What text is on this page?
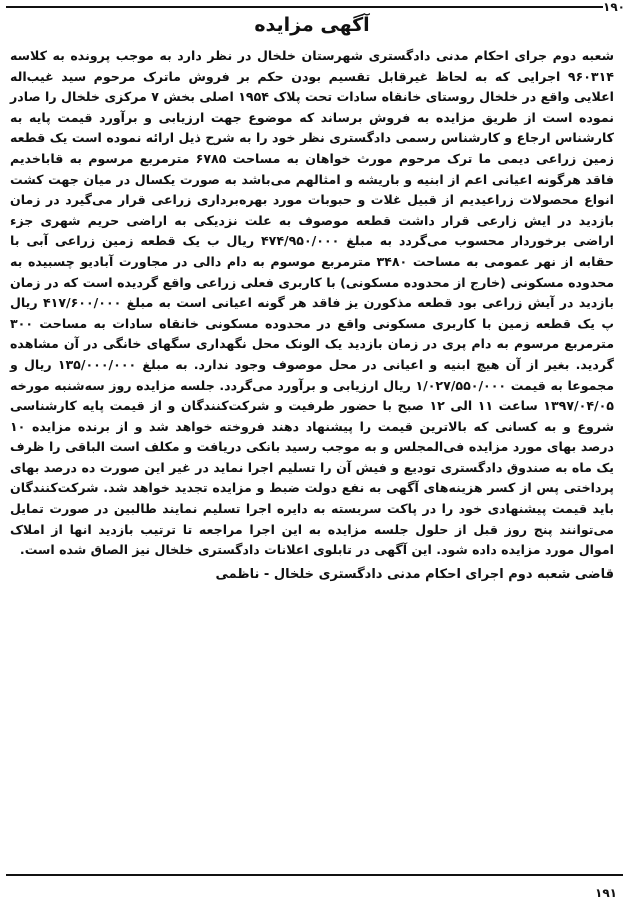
۱۹۰
آگهی مزایده

شعبه دوم جرای احکام مدنی دادگستری شهرستان خلخال در نظر دارد به موجب پرونده به کلاسه ۹۶۰۳۱۴ اجرایی که به لحاظ غیرقابل تقسیم بودن حکم بر فروش ماترک مرحوم سید غیب‌اله اعلایی واقع در خلخال روستای خانقاه سادات تحت پلاک ۱۹۵۴ اصلی بخش ۷ مرکزی خلخال را صادر نموده است از طریق مزایده به فروش برساند که موضوع جهت ارزیابی و برآورد قیمت پایه به کارشناس ارجاع و کارشناس رسمی دادگستری نظر خود را به شرح ذیل ارائه نموده است یک قطعه زمین زراعی دیمی ما ترک مرحوم مورث خواهان به مساحت ۶۷۸۵ مترمربع مرسوم به قاباخدیم فاقد هرگونه اعیانی اعم از ابنیه و باریشه و امثالهم می‌باشد به صورت یکسال در میان جهت کشت انواع محصولات زراعیدیم از قبیل غلات و حبوبات مورد بهره‌برداری زراعی قرار می‌گیرد در زمان بازدید در ایش زارعی قرار داشت قطعه موصوف به علت نزدیکی به اراضی حریم شهری جزء اراضی برخوردار محسوب می‌گردد به مبلغ ۴۷۴/۹۵۰/۰۰۰ ریال ب یک قطعه زمین زراعی آبی با حقابه از نهر عمومی به مساحت ۳۴۸۰ مترمربع موسوم به دام دالی در مجاورت آبادیو چسبیده به محدوده مسکونی (خارج از محدوده مسکونی) با کاربری فعلی زراعی واقع گردیده است که در زمان بازدید در آیش زراعی بود قطعه مذکورن یز فاقد هر گونه اعیانی است به مبلغ ۴۱۷/۶۰۰/۰۰۰ ریال پ یک قطعه زمین با کاربری مسکونی واقع در محدوده مسکونی خانقاه سادات به مساحت ۳۰۰ مترمربع مرسوم به دام پری در زمان بازدید یک الونک محل نگهداری سگهای خانگی در آن مشاهده گردید. بغیر از آن هیچ ابنیه و اعیانی در محل موصوف وجود ندارد. به مبلغ ۱۳۵/۰۰۰/۰۰۰ ریال و مجموعا به قیمت ۱/۰۲۷/۵۵۰/۰۰۰ ریال ارزیابی و برآورد می‌گردد. جلسه مزایده روز سه‌شنبه مورخه ۱۳۹۷/۰۴/۰۵ ساعت ۱۱ الی ۱۲ صبح با حضور طرفیت و شرکت‌کنندگان و از قیمت پایه کارشناسی شروع و به کسانی که بالاترین قیمت را پیشنهاد دهند فروخته خواهد شد و از برنده مزایده ۱۰ درصد بهای مورد مزایده فی‌المجلس و به موجب رسید بانکی دریافت و مکلف است الباقی را ظرف یک ماه به صندوق دادگستری تودیع و فیش آن را تسلیم اجرا نماید در غیر این صورت ده درصد بهای پرداختی پس از کسر هزینه‌های آگهی به نفع دولت ضبط و مزایده تجدید خواهد شد. شرکت‌کنندگان باید قیمت پیشنهادی خود را در پاکت سربسته به دایره اجرا تسلیم نمایند طالبین در صورت تمایل می‌توانند پنج روز قبل از حلول جلسه مزایده به این اجرا مراجعه تا ترتیب بازدید انها از املاک اموال مورد مزایده داده شود. این آگهی در تابلوی اعلانات دادگستری خلخال نیز الصاق شده است.

قاضی شعبه دوم اجرای احکام مدنی دادگستری خلخال - ناظمی
۱۹۱
